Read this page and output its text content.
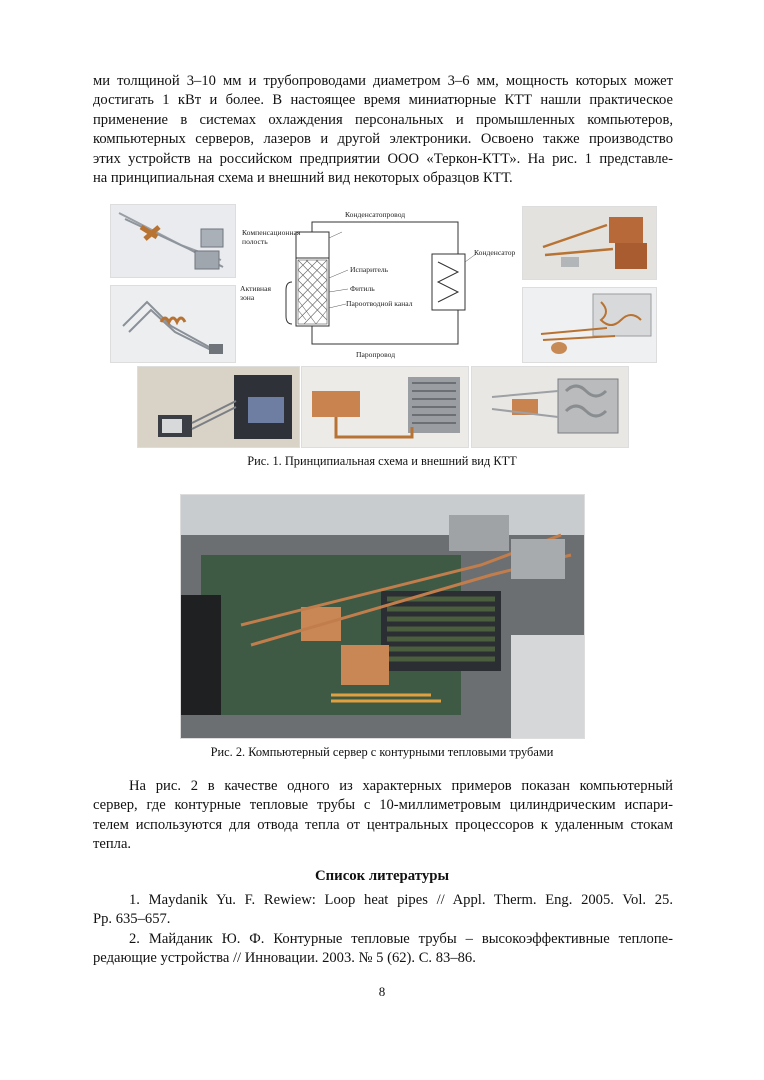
ми толщиной 3–10 мм и трубопроводами диаметром 3–6 мм, мощность которых может
достигать 1 кВт и более. В настоящее время миниатюрные КТТ нашли практическое
применение в системах охлаждения персональных и промышленных компьютеров,
компьютерных серверов, лазеров и другой электроники. Освоено также производство
этих устройств на российском предприятии ООО «Теркон-КТТ». На рис. 1 представле-
на принципиальная схема и внешний вид некоторых образцов КТТ.
Конденсатопровод
Компенсационная
полость
Испаритель
Конденсатор
Фитиль
Активная
зона
Пароотводной канал
Паропровод
Рис. 1. Принципиальная схема и внешний вид КТТ
Рис. 2. Компьютерный сервер с контурными тепловыми трубами
На рис. 2 в качестве одного из характерных примеров показан компьютерный
сервер, где контурные тепловые трубы с 10-миллиметровым цилиндрическим испари-
телем используются для отвода тепла от центральных процессоров к удаленным стокам
тепла.
Список литературы
1. Maydanik Yu. F. Rewiew: Loop heat pipes // Appl. Therm. Eng. 2005. Vol. 25.
Pp. 635–657.
2. Майданик Ю. Ф. Контурные тепловые трубы – высокоэффективные теплопе-
редающие устройства // Инновации. 2003. № 5 (62). С. 83–86.
8
